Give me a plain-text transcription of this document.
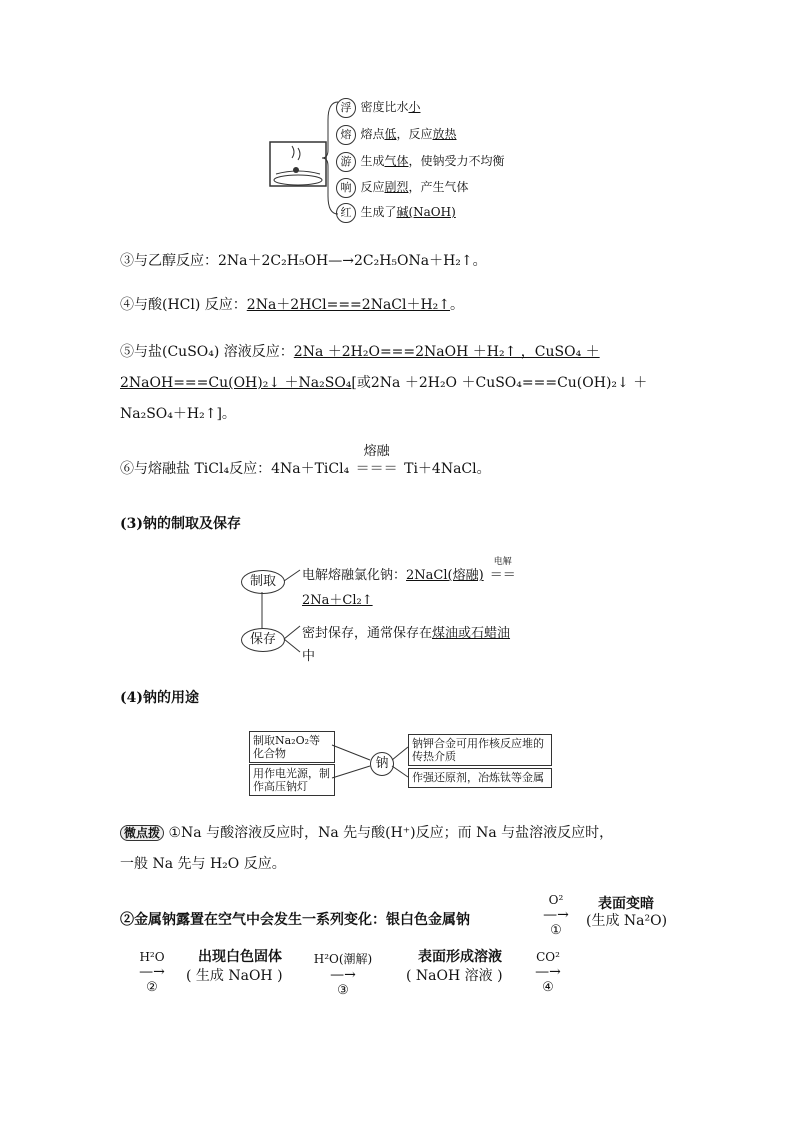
浮 密度比水小
熔 熔点低，反应放热
游 生成气体，使钠受力不均衡
响 反应剧烈，产生气体
红 生成了碱(NaOH)
③与乙醇反应：2Na＋2C₂H₅OH—→2C₂H₅ONa＋H₂↑。
④与酸(HCl) 反应：2Na＋2HCl===2NaCl＋H₂↑。
⑤与盐(CuSO₄) 溶液反应：2Na ＋2H₂O===2NaOH ＋H₂↑ ，CuSO₄ ＋
2NaOH===Cu(OH)₂↓ ＋Na₂SO₄[或2Na ＋2H₂O ＋CuSO₄===Cu(OH)₂↓ ＋
Na₂SO₄＋H₂↑]。
⑥与熔融盐 TiCl₄反应：4Na＋TiCl₄
熔融
＝＝＝ Ti＋4NaCl。
(3)钠的制取及保存
制取
保存
电解熔融氯化钠：2NaCl(熔融)
电解
＝＝
2Na＋Cl₂↑
密封保存，通常保存在煤油或石蜡油
中
(4)钠的用途
制取Na₂O₂等化合物
用作电光源，制作高压钠灯
钠
钠钾合金可用作核反应堆的传热介质
作强还原剂，冶炼钛等金属
微点拨 ①Na 与酸溶液反应时，Na 先与酸(H⁺)反应；而 Na 与盐溶液反应时，
一般 Na 先与 H₂O 反应。
②金属钠露置在空气中会发生一系列变化：银白色金属钠
O²
—→
①
表面变暗
(生成 Na²O)
H²O
—→
②
出现白色固体
( 生成 NaOH )
H²O(潮解)
—→
③
表面形成溶液
( NaOH 溶液 )
CO²
—→
④
